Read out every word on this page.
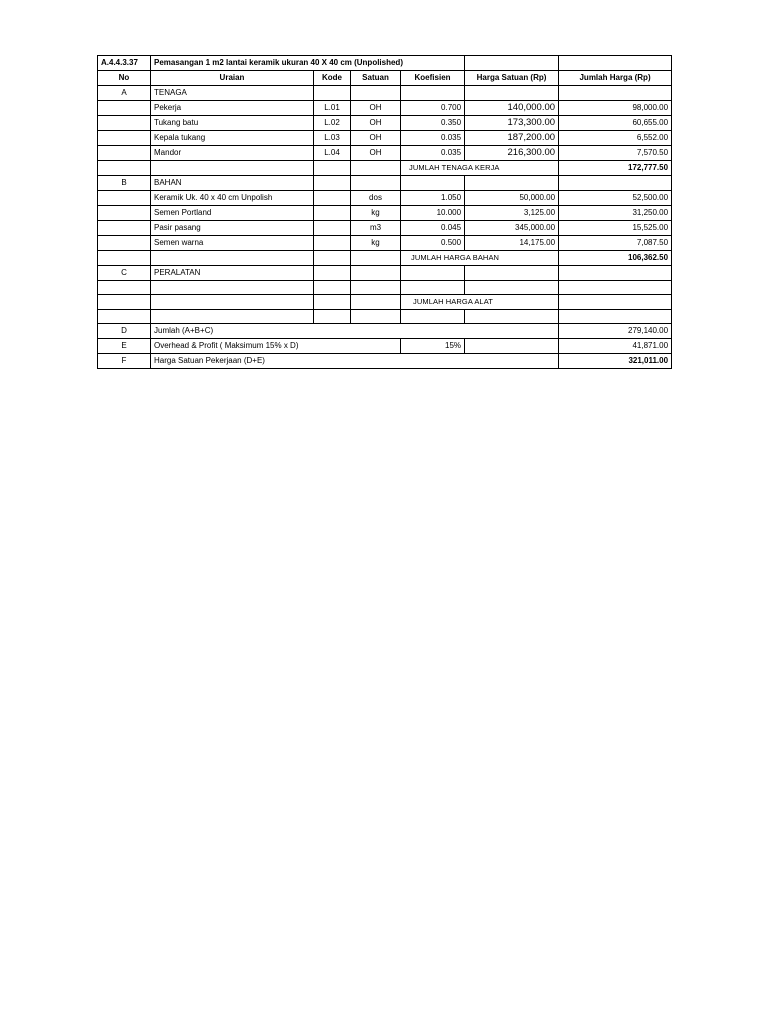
A.4.4.3.37	Pemasangan 1 m2 lantai keramik ukuran 40 X 40 cm (Unpolished)					
No	Uraian	Kode	Satuan	Koefisien	Harga Satuan (Rp)	Jumlah Harga (Rp)
A	TENAGA					
	Pekerja	L.01	OH	0.700	140,000.00	98,000.00
	Tukang batu	L.02	OH	0.350	173,300.00	60,655.00
	Kepala tukang	L.03	OH	0.035	187,200.00	6,552.00
	Mandor	L.04	OH	0.035	216,300.00	7,570.50
				JUMLAH TENAGA KERJA		172,777.50
B	BAHAN					
	Keramik Uk. 40 x 40 cm Unpolish		dos	1.050	50,000.00	52,500.00
	Semen Portland		kg	10.000	3,125.00	31,250.00
	Pasir pasang		m3	0.045	345,000.00	15,525.00
	Semen warna		kg	0.500	14,175.00	7,087.50
				JUMLAH HARGA BAHAN		106,362.50
C	PERALATAN					

				JUMLAH HARGA ALAT		

D	Jumlah (A+B+C)					279,140.00
E	Overhead & Profit ( Maksimum 15% x D)			15%		41,871.00
F	Harga Satuan Pekerjaan (D+E)					321,011.00
